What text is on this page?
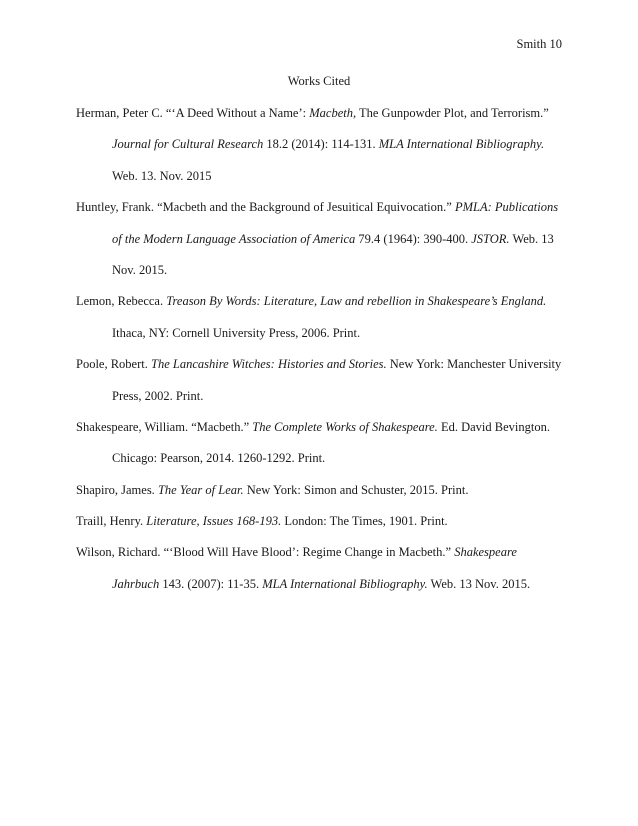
Smith 10
Works Cited
Herman, Peter C. “‘A Deed Without a Name’: Macbeth, The Gunpowder Plot, and Terrorism.”
Journal for Cultural Research 18.2 (2014): 114-131. MLA International Bibliography.
Web. 13. Nov. 2015
Huntley, Frank. “Macbeth and the Background of Jesuitical Equivocation.” PMLA: Publications
of the Modern Language Association of America 79.4 (1964): 390-400. JSTOR. Web. 13
Nov. 2015.
Lemon, Rebecca. Treason By Words: Literature, Law and rebellion in Shakespeare’s England.
Ithaca, NY: Cornell University Press, 2006. Print.
Poole, Robert. The Lancashire Witches: Histories and Stories. New York: Manchester University
Press, 2002. Print.
Shakespeare, William. “Macbeth.” The Complete Works of Shakespeare. Ed. David Bevington.
Chicago: Pearson, 2014. 1260-1292. Print.
Shapiro, James. The Year of Lear. New York: Simon and Schuster, 2015. Print.
Traill, Henry. Literature, Issues 168-193. London: The Times, 1901. Print.
Wilson, Richard. “‘Blood Will Have Blood’: Regime Change in Macbeth.” Shakespeare
Jahrbuch 143. (2007): 11-35. MLA International Bibliography. Web. 13 Nov. 2015.
